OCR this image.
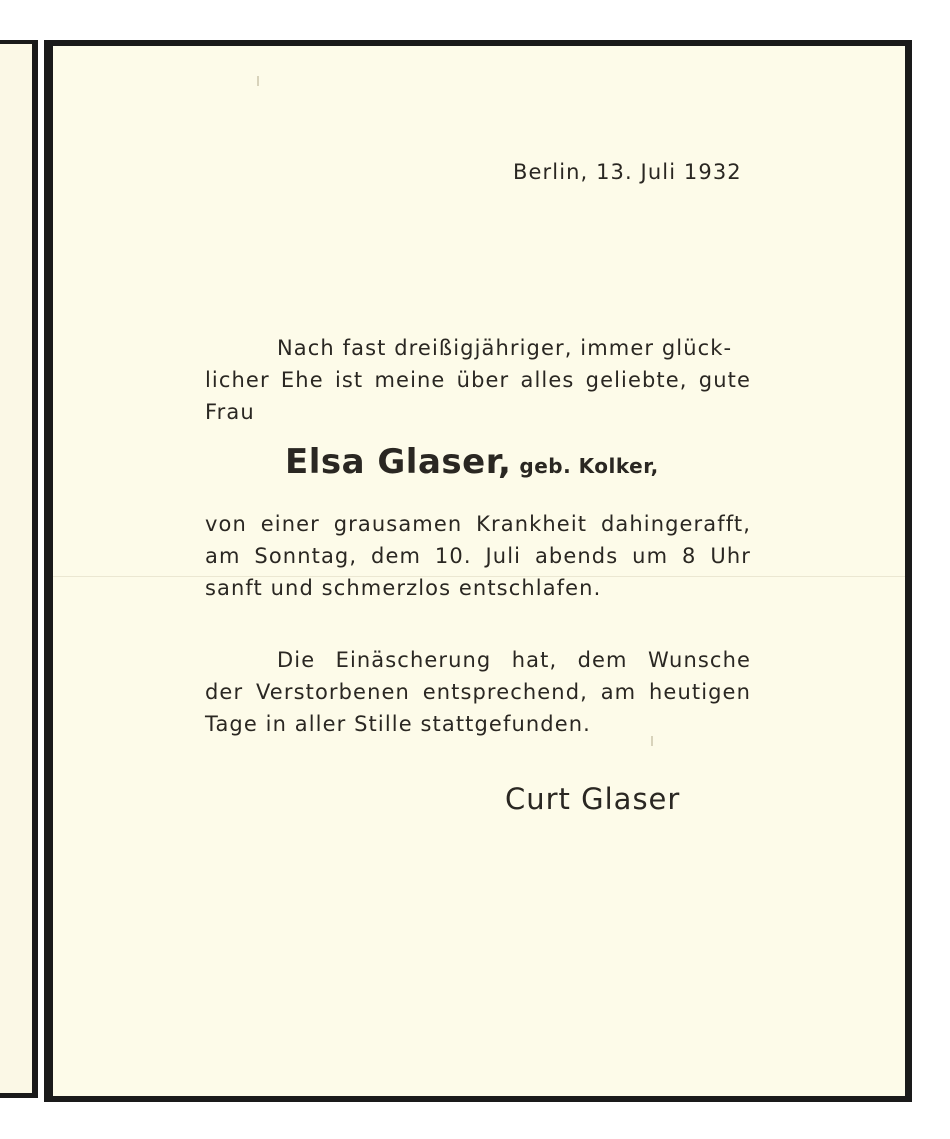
Berlin, 13. Juli 1932
Nach fast dreißigjähriger, immer glück-
licher Ehe ist meine über alles geliebte, gute
Frau
Elsa Glaser, geb. Kolker,
von einer grausamen Krankheit dahingerafft,
am Sonntag, dem 10. Juli abends um 8 Uhr
sanft und schmerzlos entschlafen.
Die Einäscherung hat, dem Wunsche
der Verstorbenen entsprechend, am heutigen
Tage in aller Stille stattgefunden.
Curt Glaser
